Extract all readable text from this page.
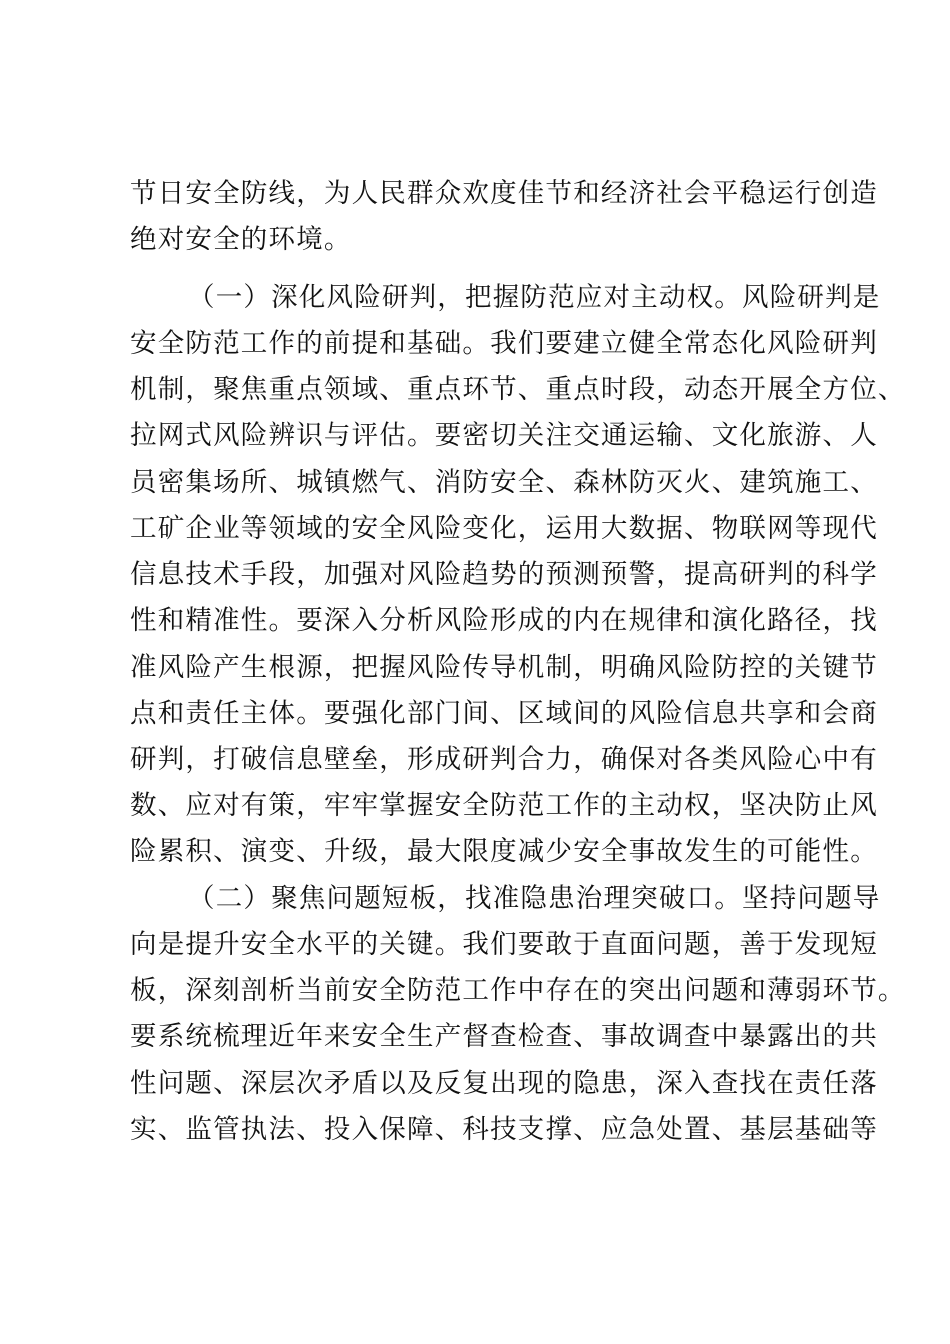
节日安全防线，为人民群众欢度佳节和经济社会平稳运行创造
绝对安全的环境。
（一）深化风险研判，把握防范应对主动权。风险研判是
安全防范工作的前提和基础。我们要建立健全常态化风险研判
机制，聚焦重点领域、重点环节、重点时段，动态开展全方位、
拉网式风险辨识与评估。要密切关注交通运输、文化旅游、人
员密集场所、城镇燃气、消防安全、森林防灭火、建筑施工、
工矿企业等领域的安全风险变化，运用大数据、物联网等现代
信息技术手段，加强对风险趋势的预测预警，提高研判的科学
性和精准性。要深入分析风险形成的内在规律和演化路径，找
准风险产生根源，把握风险传导机制，明确风险防控的关键节
点和责任主体。要强化部门间、区域间的风险信息共享和会商
研判，打破信息壁垒，形成研判合力，确保对各类风险心中有
数、应对有策，牢牢掌握安全防范工作的主动权，坚决防止风
险累积、演变、升级，最大限度减少安全事故发生的可能性。
（二）聚焦问题短板，找准隐患治理突破口。坚持问题导
向是提升安全水平的关键。我们要敢于直面问题，善于发现短
板，深刻剖析当前安全防范工作中存在的突出问题和薄弱环节。
要系统梳理近年来安全生产督查检查、事故调查中暴露出的共
性问题、深层次矛盾以及反复出现的隐患，深入查找在责任落
实、监管执法、投入保障、科技支撑、应急处置、基层基础等
